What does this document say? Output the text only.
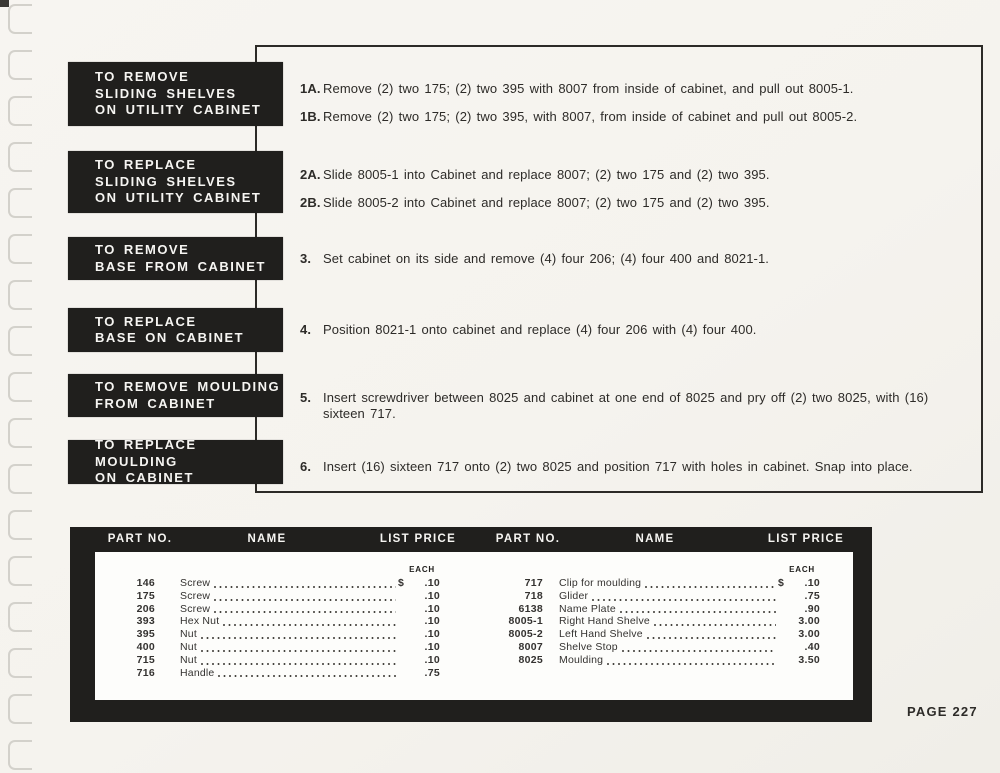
TO REMOVE
SLIDING SHELVES
ON UTILITY CABINET
TO REPLACE
SLIDING SHELVES
ON UTILITY CABINET
TO REMOVE
BASE FROM CABINET
TO REPLACE
BASE ON CABINET
TO REMOVE MOULDING
FROM CABINET
TO REPLACE MOULDING
ON CABINET
1A. Remove (2) two 175; (2) two 395 with 8007 from inside of cabinet, and pull out 8005-1.
1B. Remove (2) two 175; (2) two 395, with 8007, from inside of cabinet and pull out 8005-2.
2A. Slide 8005-1 into Cabinet and replace 8007; (2) two 175 and (2) two 395.
2B. Slide 8005-2 into Cabinet and replace 8007; (2) two 175 and (2) two 395.
3. Set cabinet on its side and remove (4) four 206; (4) four 400 and 8021-1.
4. Position 8021-1 onto cabinet and replace (4) four 206 with (4) four 400.
5. Insert screwdriver between 8025 and cabinet at one end of 8025 and pry off (2) two 8025, with (16) sixteen 717.
6. Insert (16) sixteen 717 onto (2) two 8025 and position 717 with holes in cabinet. Snap into place.
PART NO.	NAME	LIST PRICE	PART NO.	NAME	LIST PRICE
EACH
146 Screw	$	.10
175 Screw	.10
206 Screw	.10
393 Hex Nut	.10
395 Nut	.10
400 Nut	.10
715 Nut	.10
716 Handle	.75
EACH
717 Clip for moulding	$	.10
718 Glider	.75
6138 Name Plate	.90
8005-1 Right Hand Shelve	3.00
8005-2 Left Hand Shelve	3.00
8007 Shelve Stop	.40
8025 Moulding	3.50
PAGE 227
